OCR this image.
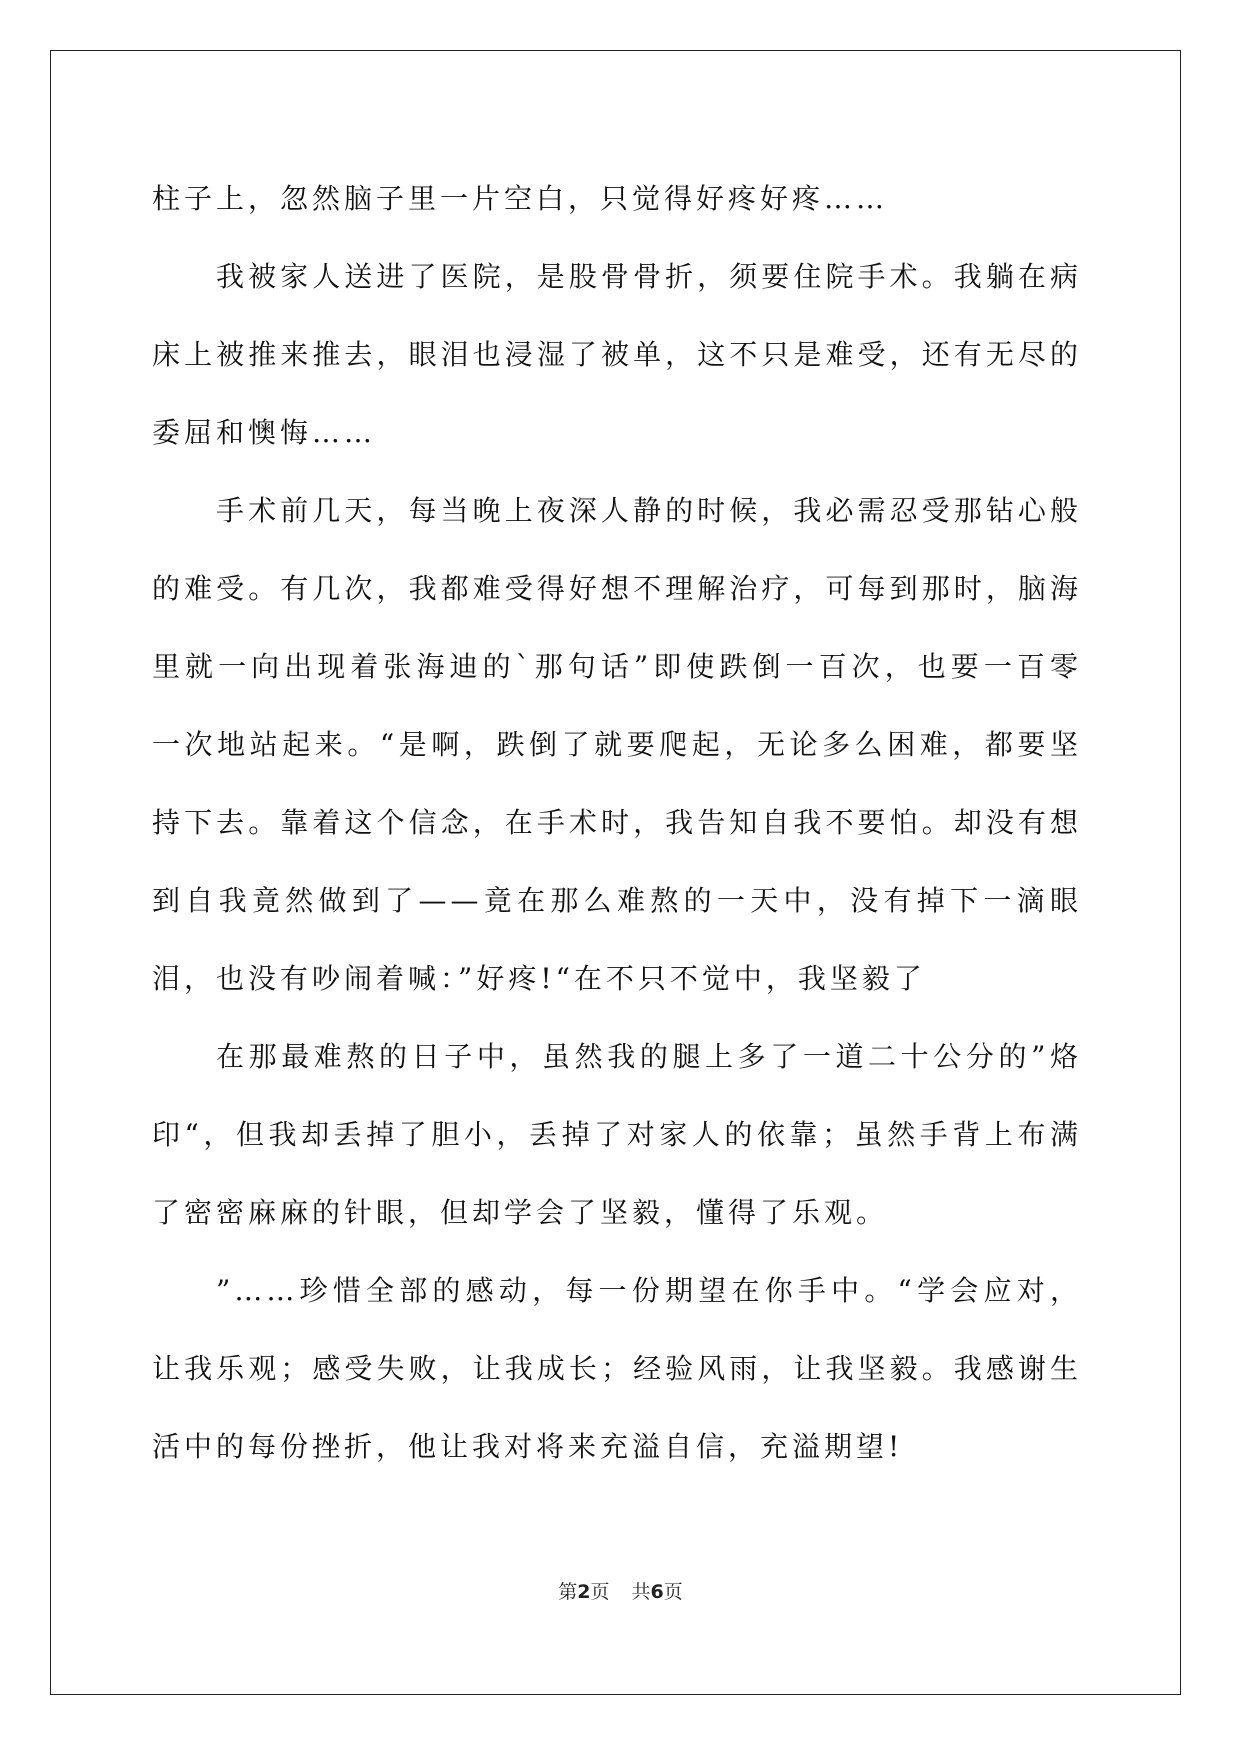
柱子上，忽然脑子里一片空白，只觉得好疼好疼……

我被家人送进了医院，是股骨骨折，须要住院手术。我躺在病床上被推来推去，眼泪也浸湿了被单，这不只是难受，还有无尽的委屈和懊悔……

手术前几天，每当晚上夜深人静的时候，我必需忍受那钻心般的难受。有几次，我都难受得好想不理解治疗，可每到那时，脑海里就一向出现着张海迪的`那句话”即使跌倒一百次，也要一百零一次地站起来。“是啊，跌倒了就要爬起，无论多么困难，都要坚持下去。靠着这个信念，在手术时，我告知自我不要怕。却没有想到自我竟然做到了——竟在那么难熬的一天中，没有掉下一滴眼泪，也没有吵闹着喊：”好疼!“在不只不觉中，我坚毅了

在那最难熬的日子中，虽然我的腿上多了一道二十公分的”烙印“，但我却丢掉了胆小，丢掉了对家人的依靠；虽然手背上布满了密密麻麻的针眼，但却学会了坚毅，懂得了乐观。

”……珍惜全部的感动，每一份期望在你手中。“学会应对，让我乐观；感受失败，让我成长；经验风雨，让我坚毅。我感谢生活中的每份挫折，他让我对将来充溢自信，充溢期望!

第2页 共6页
